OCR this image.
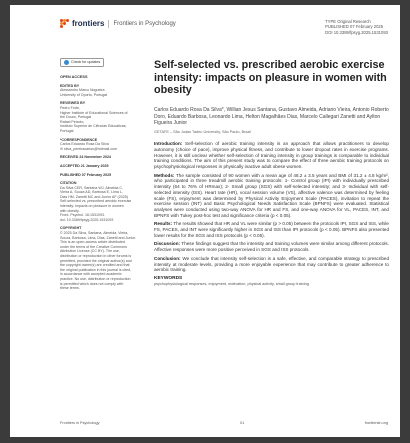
frontiers Frontiers in Psychology	TYPE Original Research
PUBLISHED 07 February 2025
DOI 10.3389/fpsyg.2025.1531093
Check for updates
OPEN ACCESS
EDITED BY
Alessandro Marco Nogueira
University of Oporto, Portugal
REVIEWED BY
Pedro Forte,
Higher Institute of Educational Sciences of
the Douro, Portugal
Rafael Peixoto,
Instituto Superior de Ciências Educativas,
Portugal
*CORRESPONDENCE
Carlos Eduardo Rosa Da Silva
✉ silva_pereiracarlos@hotmail.com
RECEIVED 24 November 2024
ACCEPTED 21 January 2025
PUBLISHED 07 February 2025
CITATION
Da Silva CER, Santana WJ, Almeida C,
Vieira A, Souza AD, Barbosa E, Lima L,
Dias HM, Zanetti MC and Junior AF (2025)
Self-selected vs. prescribed aerobic exercise
intensity: impacts on pleasure in women
with obesity.
Front. Psychol. 16:1531093.
doi: 10.3389/fpsyg.2025.1531093
COPYRIGHT
© 2025 Da Silva, Santana, Almeida, Vieira,
Souza, Barbosa, Lima, Dias, Zanetti and Junior.
This is an open-access article distributed
under the terms of the Creative Commons
Attribution License (CC BY). The use,
distribution or reproduction in other forums is
permitted, provided the original author(s) and
the copyright owner(s) are credited and that
the original publication in this journal is cited,
in accordance with accepted academic
practice. No use, distribution or reproduction
is permitted which does not comply with
these terms.
Self-selected vs. prescribed aerobic exercise intensity: impacts on pleasure in women with obesity
Carlos Eduardo Rosa Da Silva*, Willian Jesus Santana, Gustavo Almeida, Adriano Vieira, Antonio Roberto Doro, Eduardo Barbosa, Leonardo Lima, Helton Magalhães Dias, Marcelo Callegari Zanetti and Aylton Figueira Junior
GETAFE – São Judas Tadeu University, São Paulo, Brazil

Introduction: Self-selection of aerobic training intensity is an approach that allows practitioners to develop autonomy (choice of pace), improve physical fitness, and contribute to lower dropout rates in exercise programs. However, it is still unclear whether self-selection of training intensity in group trainings is comparable to individual training conditions. The aim of this present study was to compare the effect of three aerobic training protocols on psychophysiological responses in physically inactive adult obese women.

Methods: The sample consisted of 90 women with a mean age of 48.2 ± 3.5 years and BMI of 31.2 ± 4.8 kg/m², who participated in three treadmill aerobic training protocols: 1- Control group (IPI) with individually prescribed intensity (64 to 76% of HRmax); 2- Small group (SGS) with self-selected intensity; and 3- Individual with self-selected intensity (ISS). Heart rate (HR), vocal session volume (VS), affective valence was determined by feeling scale (FS), enjoyment was determined by Physical Activity Enjoyment Scale (PACES), invitation to repeat the exercise session (INT) and Basic Psychological Needs Satisfaction Scale (BPNFS) were evaluated. Statistical analyses were conducted using two-way ANOVA for HR and FS, and one-way ANOVA for VL, PACES, INT, and BPNFS with Tukey post-hoc test and significance criteria (p < 0.05).

Results: The results showed that HR and VL were similar (p > 0.05) between the protocols IPI, SGS and ISS, while FS, PACES, and INT were significantly higher in SGS and ISS than IPI protocols (p < 0.05). BPNFS also presented lower results for the SGS and ISS protocols (p < 0.05).

Discussion: These findings suggest that the intensity and training volumes were similar among different protocols. Affective responses were more positive perceived in SGS and ISS protocols.

Conclusion: We conclude that intensity self-selection is a safe, effective, and comparable strategy to prescribed intensity at moderate levels, providing a more enjoyable experience that may contribute to greater adherence to aerobic training.

KEYWORDS
psychophysiological responses, enjoyment, motivation, physical activity, small group training
Frontiers in Psychology	01	frontiersin.org
